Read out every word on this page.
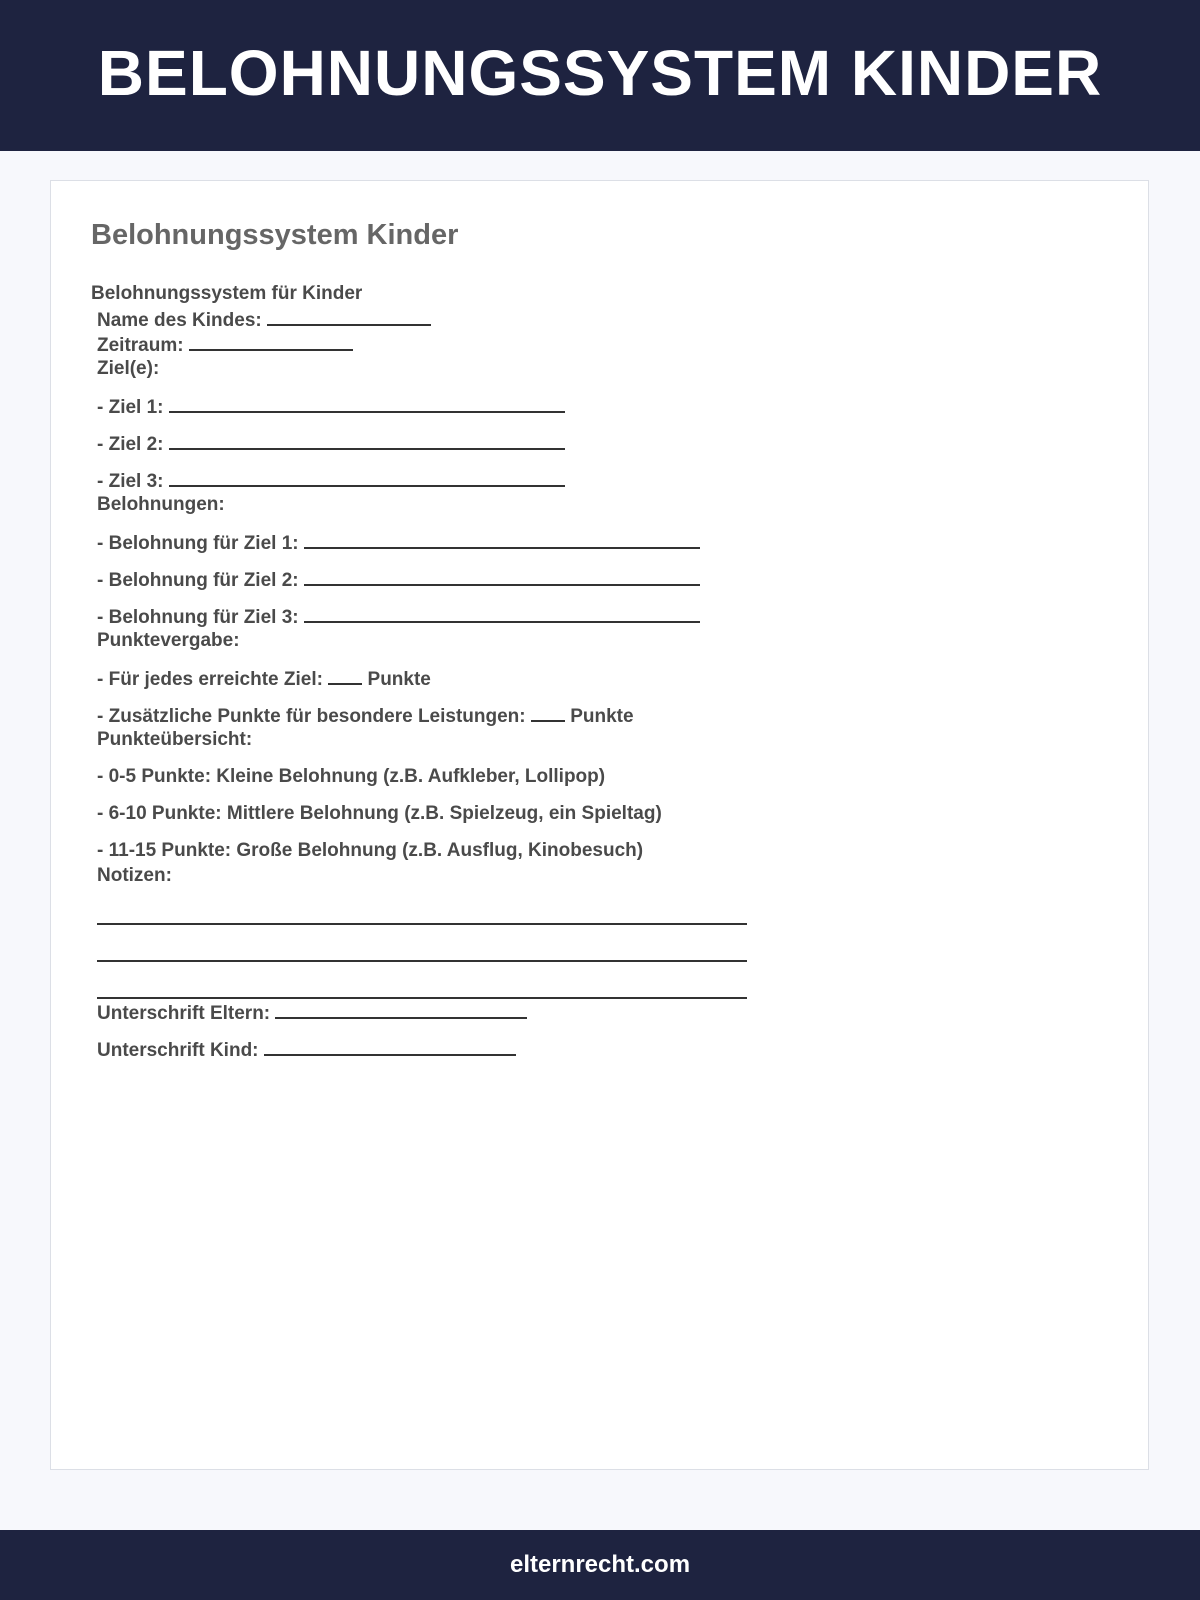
BELOHNUNGSSYSTEM KINDER
Belohnungssystem Kinder
Belohnungssystem für Kinder
Name des Kindes:
Zeitraum:
Ziel(e):
- Ziel 1:
- Ziel 2:
- Ziel 3:
Belohnungen:
- Belohnung für Ziel 1:
- Belohnung für Ziel 2:
- Belohnung für Ziel 3:
Punktevergabe:
- Für jedes erreichte Ziel: Punkte
- Zusätzliche Punkte für besondere Leistungen: Punkte
Punkteübersicht:
- 0-5 Punkte: Kleine Belohnung (z.B. Aufkleber, Lollipop)
- 6-10 Punkte: Mittlere Belohnung (z.B. Spielzeug, ein Spieltag)
- 11-15 Punkte: Große Belohnung (z.B. Ausflug, Kinobesuch)
Notizen:
Unterschrift Eltern:
Unterschrift Kind:
elternrecht.com
